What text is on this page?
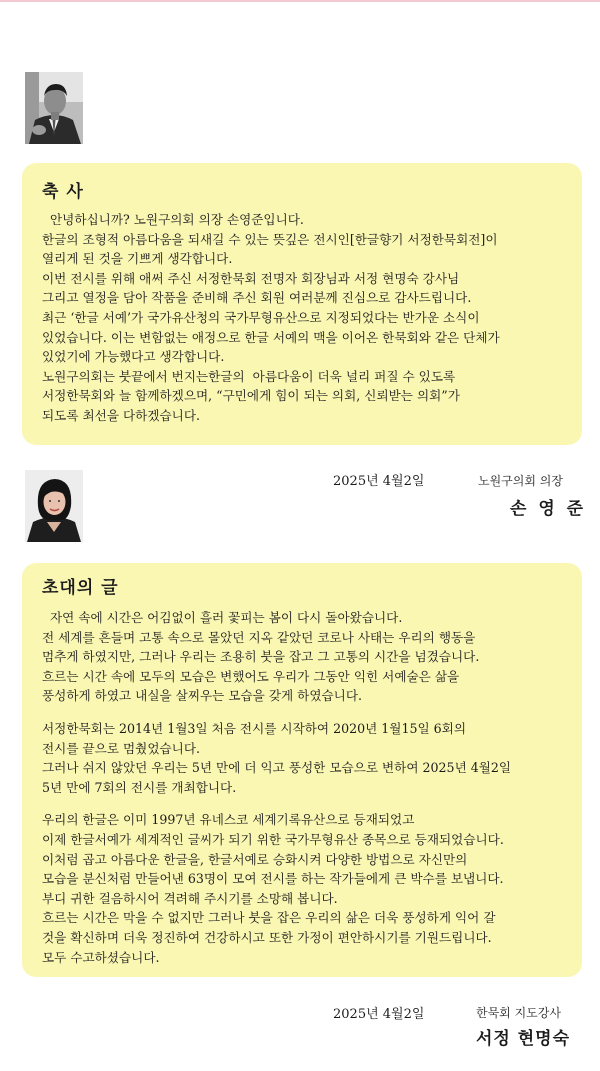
축 사
안녕하십니까? 노원구의회 의장 손영준입니다.
한글의 조형적 아름다움을 되새길 수 있는 뜻깊은 전시인[한글향기 서정한묵회전]이
열리게 된 것을 기쁘게 생각합니다.
이번 전시를 위해 애써 주신 서정한묵회 전명자 회장님과 서정 현명숙 강사님
그리고 열정을 담아 작품을 준비해 주신 회원 여러분께 진심으로 감사드립니다.
최근 ‘한글 서예’가 국가유산청의 국가무형유산으로 지정되었다는 반가운 소식이
있었습니다. 이는 변함없는 애정으로 한글 서예의 맥을 이어온 한묵회와 같은 단체가
있었기에 가능했다고 생각합니다.
노원구의회는 붓끝에서 번지는한글의  아름다움이 더욱 널리 퍼질 수 있도록
서정한묵회와 늘 함께하겠으며, “구민에게 힘이 되는 의회, 신뢰받는 의회”가
되도록 최선을 다하겠습니다.
2025년 4월2일	노원구의회 의장
손 영 준
초대의 글
자연 속에 시간은 어김없이 흘러 꽃피는 봄이 다시 돌아왔습니다.
전 세계를 흔들며 고통 속으로 몰았던 지옥 같았던 코로나 사태는 우리의 행동을
멈추게 하였지만, 그러나 우리는 조용히 붓을 잡고 그 고통의 시간을 넘겼습니다.
흐르는 시간 속에 모두의 모습은 변했어도 우리가 그동안 익힌 서예술은 삶을
풍성하게 하였고 내실을 살찌우는 모습을 갖게 하였습니다.
서정한묵회는 2014년 1월3일 처음 전시를 시작하여 2020년 1월15일 6회의
전시를 끝으로 멈췄었습니다.
그러나 쉬지 않았던 우리는 5년 만에 더 익고 풍성한 모습으로 변하여 2025년 4월2일
5년 만에 7회의 전시를 개최합니다.
우리의 한글은 이미 1997년 유네스코 세계기록유산으로 등재되었고
이제 한글서예가 세계적인 글씨가 되기 위한 국가무형유산 종목으로 등재되었습니다.
이처럼 곱고 아름다운 한글을, 한글서예로 승화시켜 다양한 방법으로 자신만의
모습을 분신처럼 만들어낸 63명이 모여 전시를 하는 작가들에게 큰 박수를 보냅니다.
부디 귀한 걸음하시어 격려해 주시기를 소망해 봅니다.
흐르는 시간은 막을 수 없지만 그러나 붓을 잡은 우리의 삶은 더욱 풍성하게 익어 갈
것을 확신하며 더욱 정진하여 건강하시고 또한 가정이 편안하시기를 기원드립니다.
모두 수고하셨습니다.
2025년 4월2일	한묵회 지도강사
서정 현명숙
